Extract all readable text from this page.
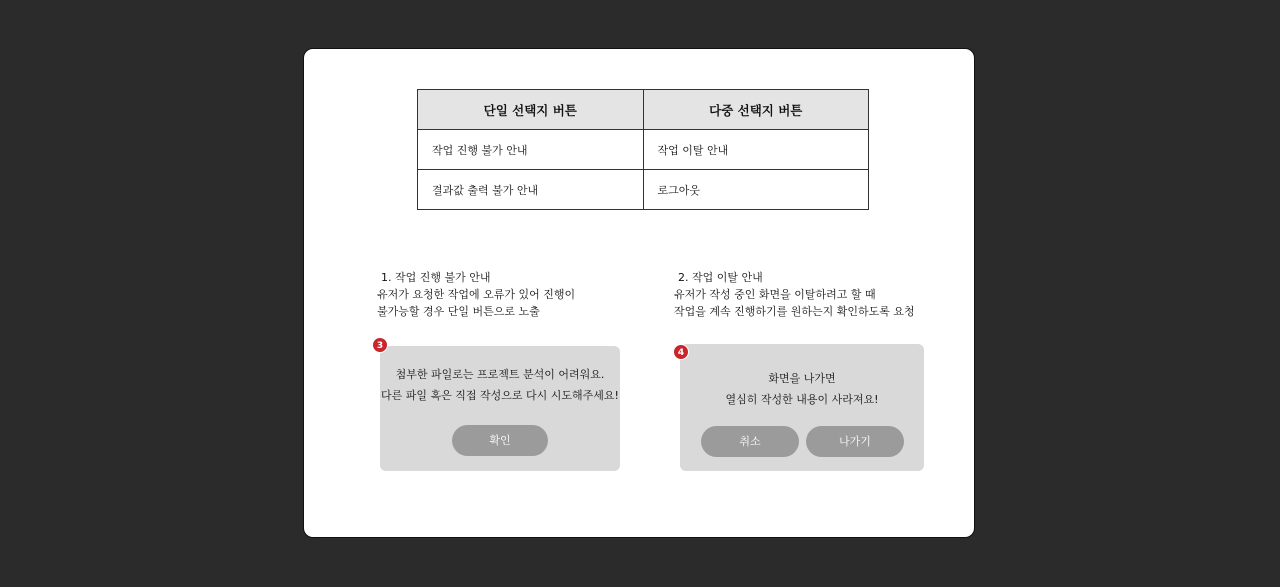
단일 선택지 버튼	다중 선택지 버튼
작업 진행 불가 안내	작업 이탈 안내
결과값 출력 불가 안내	로그아웃
1. 작업 진행 불가 안내
유저가 요청한 작업에 오류가 있어 진행이
불가능할 경우 단일 버튼으로 노출
2. 작업 이탈 안내
유저가 작성 중인 화면을 이탈하려고 할 때
작업을 계속 진행하기를 원하는지 확인하도록 요청
첨부한 파일로는 프로젝트 분석이 어려워요.
다른 파일 혹은 직접 작성으로 다시 시도해주세요!
확인
3
화면을 나가면
열심히 작성한 내용이 사라져요!
취소	나가기
4
